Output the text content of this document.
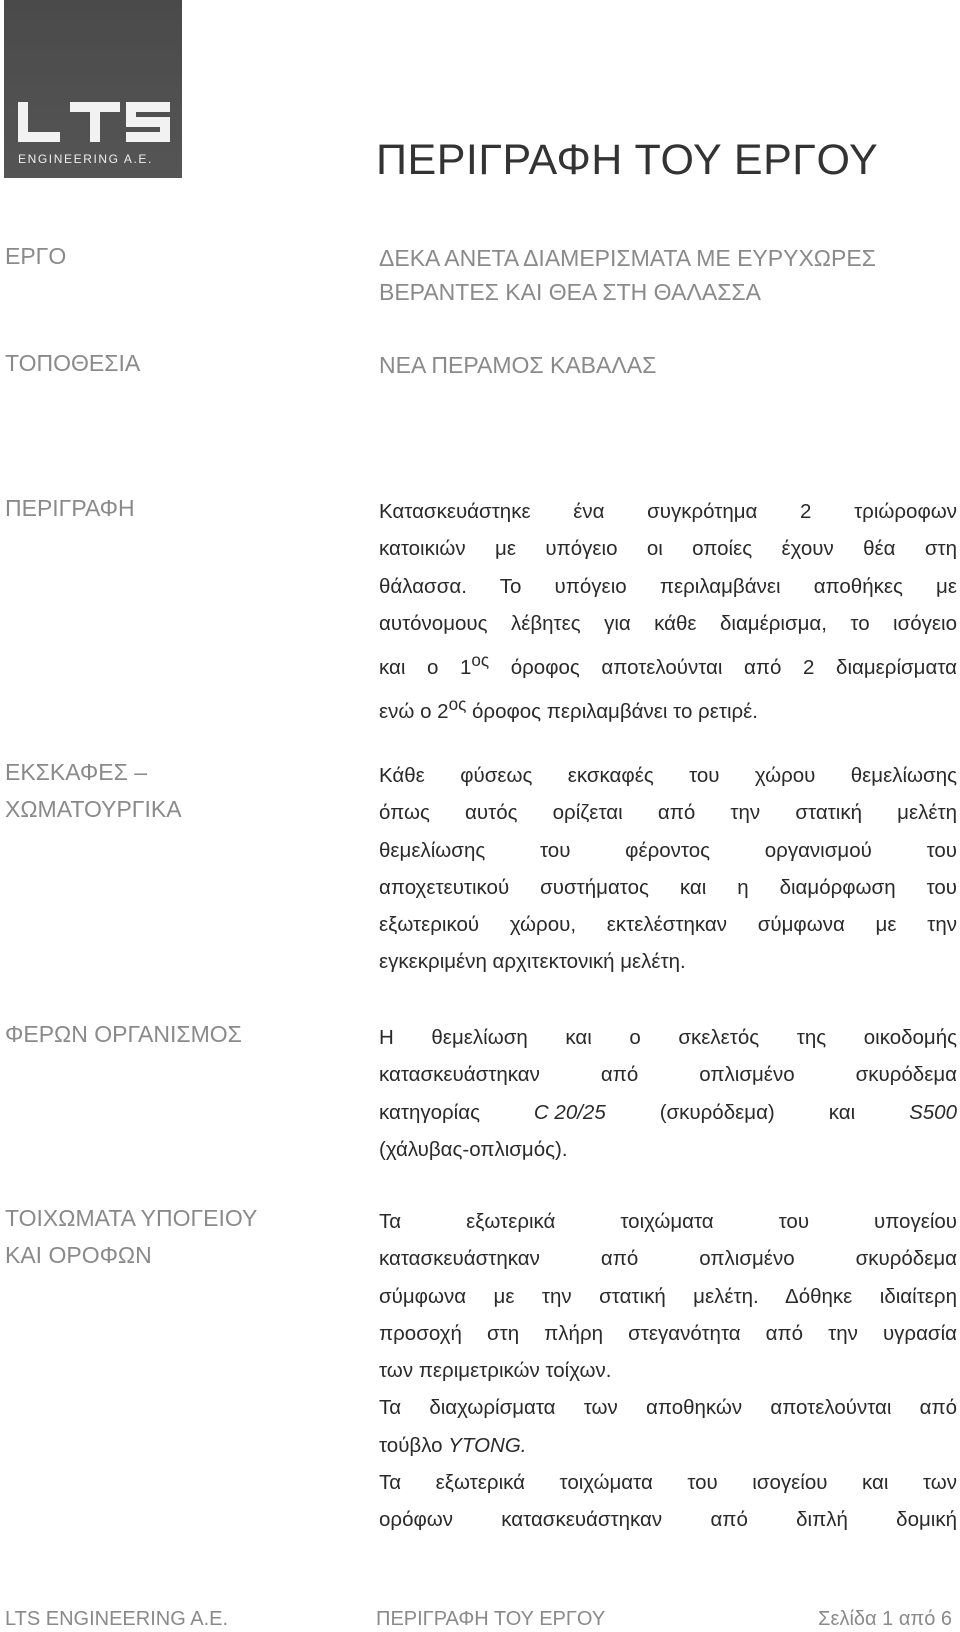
ENGINEERING A.E.	ΠΕΡΙΓΡΑΦΗ ΤΟΥ ΕΡΓΟΥ
ΕΡΓΟ	ΔΕΚΑ ΑΝΕΤΑ ΔΙΑΜΕΡΙΣΜΑΤΑ ΜΕ ΕΥΡΥΧΩΡΕΣ
ΒΕΡΑΝΤΕΣ ΚΑΙ ΘΕΑ ΣΤΗ ΘΑΛΑΣΣΑ
ΤΟΠΟΘΕΣΙΑ	ΝΕΑ ΠΕΡΑΜΟΣ ΚΑΒΑΛΑΣ
ΠΕΡΙΓΡΑΦΗ	Κατασκευάστηκε ένα συγκρότημα 2 τριώροφων

κατοικιών με υπόγειο οι οποίες έχουν θέα στη

θάλασσα. Το υπόγειο περιλαμβάνει αποθήκες με

αυτόνομους λέβητες για κάθε διαμέρισμα, το ισόγειο

και ο $1^{o\varsigma}$ όροφος αποτελούνται από 2 διαμερίσματα

ενώ ο $2^{o\varsigma}$ όροφος περιλαμβάνει το ρετιρέ.

ΕΚΣΚΑΦΕΣ –
ΧΩΜΑΤΟΥΡΓΙΚΑ

Κάθε φύσεως εκσκαφές του χώρου θεμελίωσης

όπως αυτός ορίζεται από την στατική μελέτη

θεμελίωσης του φέροντος οργανισμού του

αποχετευτικού συστήματος και η διαμόρφωση του

εξωτερικού χώρου, εκτελέστηκαν σύμφωνα με την

εγκεκριμένη αρχιτεκτονική μελέτη.

ΦΕΡΩΝ ΟΡΓΑΝΙΣΜΟΣ	Η θεμελίωση και ο σκελετός της οικοδομής

κατασκευάστηκαν από οπλισμένο σκυρόδεμα

κατηγορίας	C 20/25	(σκυρόδεμα)	και	S500

(χάλυβας-οπλισμός).

ΤΟΙΧΩΜΑΤΑ ΥΠΟΓΕΙΟΥ
ΚΑΙ ΟΡΟΦΩΝ

Τα εξωτερικά τοιχώματα του υπογείου

κατασκευάστηκαν από οπλισμένο σκυρόδεμα

σύμφωνα με την στατική μελέτη. Δόθηκε ιδιαίτερη

προσοχή στη πλήρη στεγανότητα από την υγρασία

των περιμετρικών τοίχων.

Τα διαχωρίσματα των αποθηκών αποτελούνται από

τούβλο YTONG.

Τα εξωτερικά τοιχώματα του ισογείου και των

ορόφων κατασκευάστηκαν από διπλή δομική

LTS ENGINEERING A.E.	ΠΕΡΙΓΡΑΦΗ ΤΟΥ ΕΡΓΟΥ	Σελίδα 1 από 6
